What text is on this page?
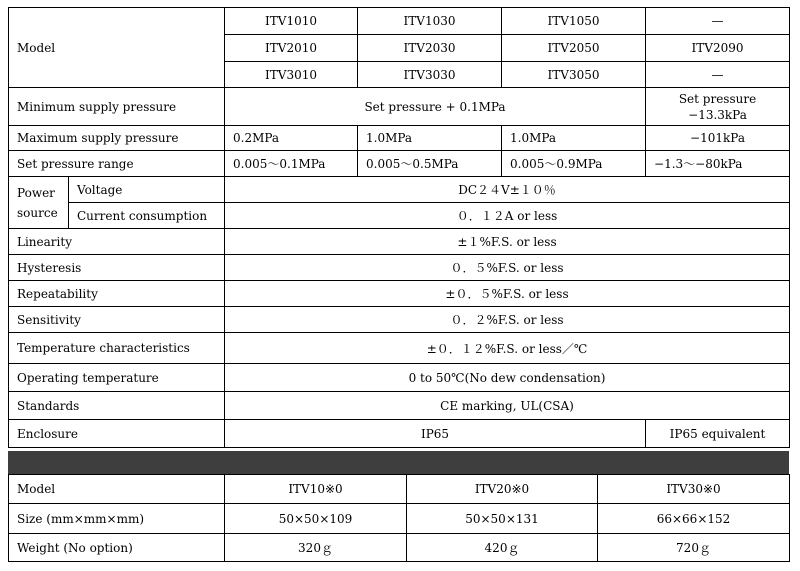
Model		ITV1010	ITV1030	ITV1050	—
		ITV2010	ITV2030	ITV2050	ITV2090
		ITV3010	ITV3030	ITV3050	—
Minimum supply pressure		Set pressure + 0.1MPa			Set pressure
−13.3kPa

Maximum supply pressure		0.2MPa	1.0MPa	1.0MPa	−101kPa
Set pressure range		0.005～0.1MPa	0.005～0.5MPa	0.005～0.9MPa	−1.3～−80kPa

Power
source	Voltage	DC２４V±１０％			
	Current consumption	０．１２A or less			
Linearity		±１%F.S. or less			
Hysteresis		０．５%F.S. or less			
Repeatability		±０．５%F.S. or less			
Sensitivity		０．２%F.S. or less			
Temperature characteristics		±０．１２%F.S. or less／℃			
Operating temperature		0 to 50℃(No dew condensation)			
Standards		CE marking, UL(CSA)			
Enclosure		IP65			IP65 equivalent
Model	ITV10※0	ITV20※0	ITV30※0
Size (mm×mm×mm)	50×50×109	50×50×131	66×66×152
Weight (No option)	320ｇ	420ｇ	720ｇ
